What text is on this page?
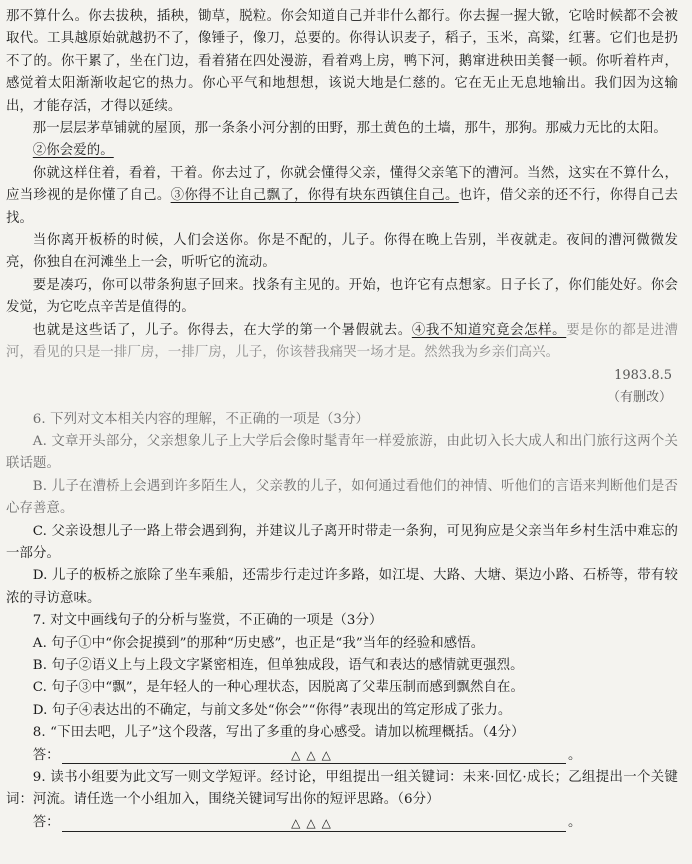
那不算什么。你去拔秧，插秧，锄草，脱粒。你会知道自己并非什么都行。你去握一握大锨，它啥时候都不会被取代。工具越原始就越扔不了，像锤子，像刀，总要的。你得认识麦子，稻子，玉米，高粱，红薯。它们也是扔不了的。你干累了，坐在门边，看着猪在四处漫游，看着鸡上房，鸭下河，鹅窜进秧田美餐一顿。你听着杵声，感觉着太阳渐渐收起它的热力。你心平气和地想想，该说大地是仁慈的。它在无止无息地输出。我们因为这输出，才能存活，才得以延续。

那一层层茅草铺就的屋顶，那一条条小河分割的田野，那土黄色的土墙，那牛，那狗。那威力无比的太阳。

②你会爱的。

你就这样住着，看着，干着。你去过了，你就会懂得父亲，懂得父亲笔下的漕河。当然，这实在不算什么，应当珍视的是你懂了自己。③你得不让自己飘了，你得有块东西镇住自己。也许，借父亲的还不行，你得自己去找。

当你离开板桥的时候，人们会送你。你是不配的，儿子。你得在晚上告别，半夜就走。夜间的漕河微微发亮，你独自在河滩坐上一会，听听它的流动。

要是凑巧，你可以带条狗崽子回来。找条有主见的。开始，也许它有点想家。日子长了，你们能处好。你会发觉，为它吃点辛苦是值得的。

也就是这些话了，儿子。你得去，在大学的第一个暑假就去。④我不知道究竟会怎样。要是你的都是进漕河，看见的只是一排厂房，一排厂房，儿子，你该替我痛哭一场才是。然然我为乡亲们高兴。

1983.8.5
（有删改）

6. 下列对文本相关内容的理解，不正确的一项是（3分）

A. 文章开头部分，父亲想象儿子上大学后会像时髦青年一样爱旅游，由此切入长大成人和出门旅行这两个关联话题。

B. 儿子在漕桥上会遇到许多陌生人，父亲教的儿子，如何通过看他们的神情、听他们的言语来判断他们是否心存善意。

C. 父亲设想儿子一路上带会遇到狗，并建议儿子离开时带走一条狗，可见狗应是父亲当年乡村生活中难忘的一部分。

D. 儿子的板桥之旅除了坐车乘船，还需步行走过许多路，如江堤、大路、大塘、渠边小路、石桥等，带有较浓的寻访意味。

7. 对文中画线句子的分析与鉴赏，不正确的一项是（3分）

A. 句子①中“你会捉摸到”的那种“历史感”，也正是“我”当年的经验和感悟。

B. 句子②语义上与上段文字紧密相连，但单独成段，语气和表达的感情就更强烈。

C. 句子③中“飘”，是年轻人的一种心理状态，因脱离了父辈压制而感到飘然自在。

D. 句子④表达出的不确定，与前文多处“你会”“你得”表现出的笃定形成了张力。

8. “下田去吧，儿子”这个段落，写出了多重的身心感受。请加以梳理概括。（4分）

答：	△△△	。

9. 读书小组要为此文写一则文学短评。经讨论，甲组提出一组关键词：未来·回忆·成长；乙组提出一个关键词：河流。请任选一个小组加入，围绕关键词写出你的短评思路。（6分）

答：	△△△	。
